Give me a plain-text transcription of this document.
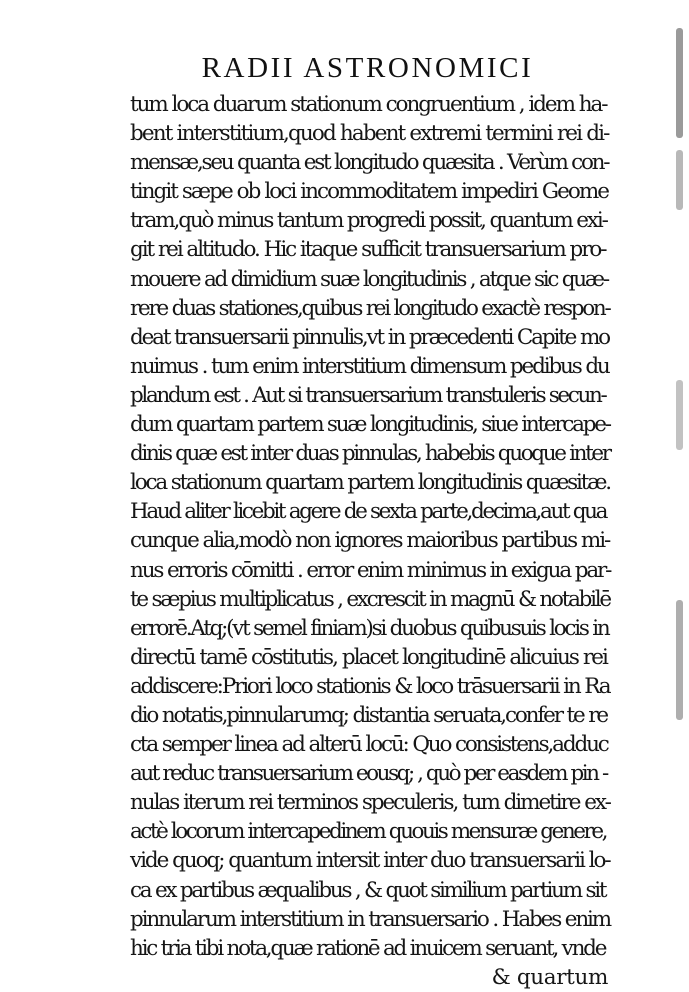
RADII ASTRONOMICI
tum loca duarum stationum congruentium , idem ha-
bent interstitium,quod habent extremi termini rei di-
mensæ,seu quanta est longitudo quæsita . Verùm con-
tingit sæpe ob loci incommoditatem impediri Geome
tram,quò minus tantum progredi possit, quantum exi-
git rei altitudo. Hic itaque sufficit transuersarium pro-
mouere ad dimidium suæ longitudinis , atque sic quæ-
rere duas stationes,quibus rei longitudo exactè respon-
deat transuersarii pinnulis,vt in præcedenti Capite mo
nuimus . tum enim interstitium dimensum pedibus du
plandum est . Aut si transuersarium transtuleris secun-
dum quartam partem suæ longitudinis, siue intercape-
dinis quæ est inter duas pinnulas, habebis quoque inter
loca stationum quartam partem longitudinis quæsitæ.
Haud aliter licebit agere de sexta parte,decima,aut qua
cunque alia,modò non ignores maioribus partibus mi-
nus erroris cōmitti . error enim minimus in exigua par-
te sæpius multiplicatus , excrescit in magnū & notabilē
errorē.Atq;(vt semel finiam)si duobus quibusuis locis in
directū tamē cōstitutis, placet longitudinē alicuius rei
addiscere:Priori loco stationis & loco trāsuersarii in Ra
dio notatis,pinnularumq; distantia seruata,confer te re
cta semper linea ad alterū locū: Quo consistens,adduc
aut reduc transuersarium eousq; , quò per easdem pin -
nulas iterum rei terminos speculeris, tum dimetire ex-
actè locorum intercapedinem quouis mensuræ genere,
vide quoq; quantum intersit inter duo transuersarii lo-
ca ex partibus æqualibus , & quot similium partium sit
pinnularum interstitium in transuersario . Habes enim
hic tria tibi nota,quæ rationē ad inuicem seruant, vnde
& quartum
